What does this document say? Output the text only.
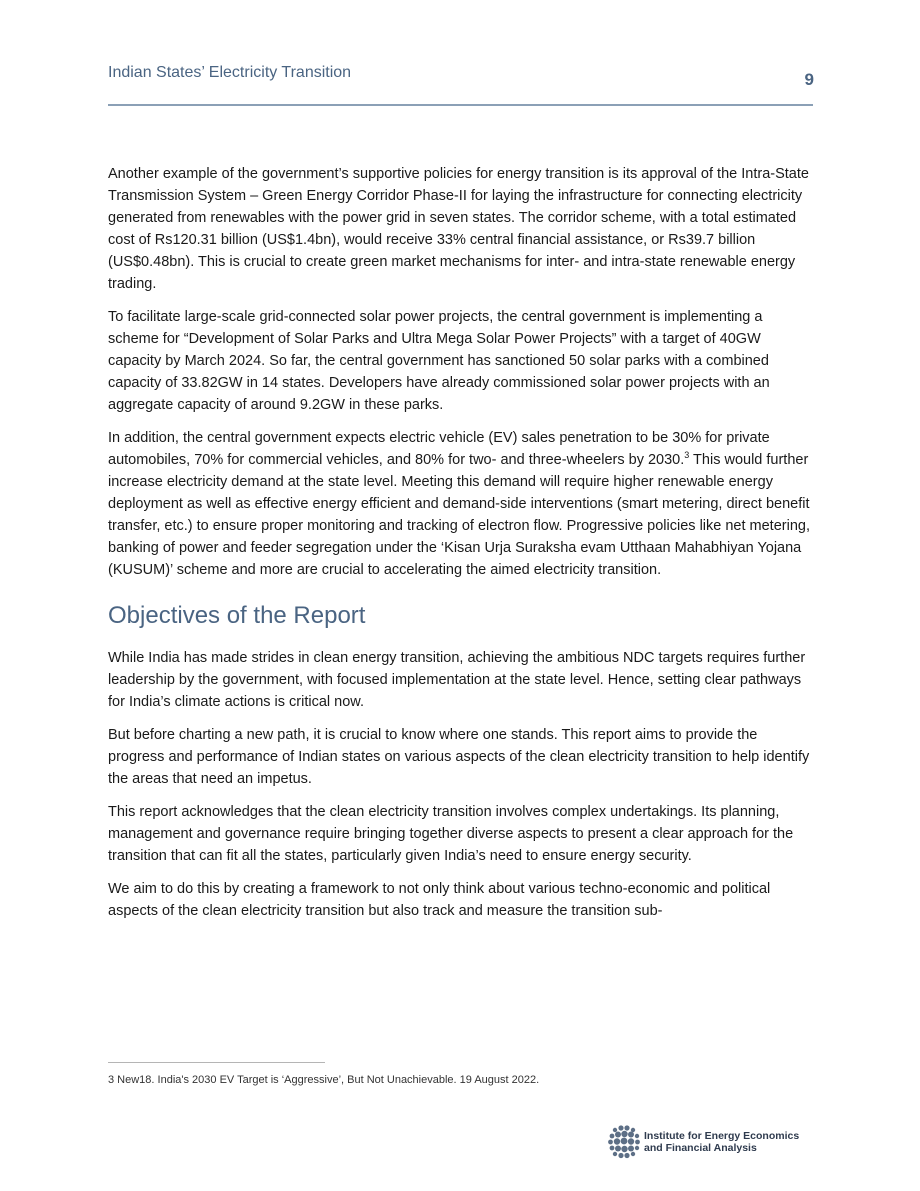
Indian States’ Electricity Transition	9

Another example of the government’s supportive policies for energy transition is its approval of the Intra-State Transmission System – Green Energy Corridor Phase-II for laying the infrastructure for connecting electricity generated from renewables with the power grid in seven states. The corridor scheme, with a total estimated cost of Rs120.31 billion (US$1.4bn), would receive 33% central financial assistance, or Rs39.7 billion (US$0.48bn). This is crucial to create green market mechanisms for inter- and intra-state renewable energy trading.

To facilitate large-scale grid-connected solar power projects, the central government is implementing a scheme for “Development of Solar Parks and Ultra Mega Solar Power Projects” with a target of 40GW capacity by March 2024. So far, the central government has sanctioned 50 solar parks with a combined capacity of 33.82GW in 14 states. Developers have already commissioned solar power projects with an aggregate capacity of around 9.2GW in these parks.

In addition, the central government expects electric vehicle (EV) sales penetration to be 30% for private automobiles, 70% for commercial vehicles, and 80% for two- and three-wheelers by 2030.$^3$ This would further increase electricity demand at the state level. Meeting this demand will require higher renewable energy deployment as well as effective energy efficient and demand-side interventions (smart metering, direct benefit transfer, etc.) to ensure proper monitoring and tracking of electron flow. Progressive policies like net metering, banking of power and feeder segregation under the ‘Kisan Urja Suraksha evam Utthaan Mahabhiyan Yojana (KUSUM)’ scheme and more are crucial to accelerating the aimed electricity transition.

Objectives of the Report

While India has made strides in clean energy transition, achieving the ambitious NDC targets requires further leadership by the government, with focused implementation at the state level. Hence, setting clear pathways for India’s climate actions is critical now.

But before charting a new path, it is crucial to know where one stands. This report aims to provide the progress and performance of Indian states on various aspects of the clean electricity transition to help identify the areas that need an impetus.

This report acknowledges that the clean electricity transition involves complex undertakings. Its planning, management and governance require bringing together diverse aspects to present a clear approach for the transition that can fit all the states, particularly given India’s need to ensure energy security.

We aim to do this by creating a framework to not only think about various techno-economic and political aspects of the clean electricity transition but also track and measure the transition sub-

3 New18. India's 2030 EV Target is ‘Aggressive’, But Not Unachievable. 19 August 2022.
Institute for Energy Economics
and Financial Analysis
